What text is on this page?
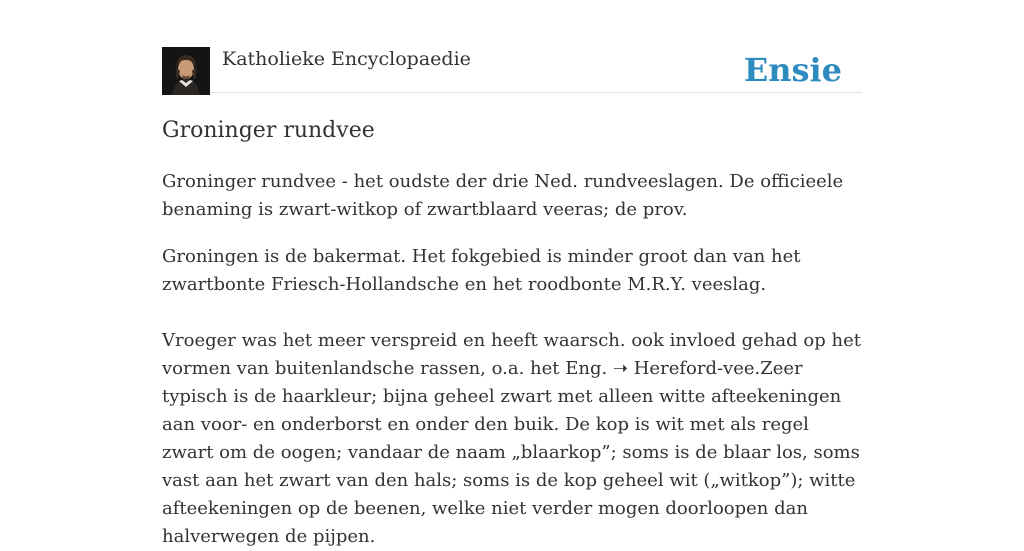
Katholieke Encyclopaedie	Ensie
Groninger rundvee

Groninger rundvee - het oudste der drie Ned. rundveeslagen. De officieele benaming is zwart-witkop of zwartblaard veeras; de prov.

Groningen is de bakermat. Het fokgebied is minder groot dan van het zwartbonte Friesch-Hollandsche en het roodbonte M.R.Y. veeslag.

Vroeger was het meer verspreid en heeft waarsch. ook invloed gehad op het vormen van buitenlandsche rassen, o.a. het Eng. ➝ Hereford-vee.Zeer typisch is de haarkleur; bijna geheel zwart met alleen witte afteekeningen aan voor- en onderborst en onder den buik. De kop is wit met als regel zwart om de oogen; vandaar de naam „blaarkop”; soms is de blaar los, soms vast aan het zwart van den hals; soms is de kop geheel wit („witkop”); witte afteekeningen op de beenen, welke niet verder mogen doorloopen dan halverwegen de pijpen.
